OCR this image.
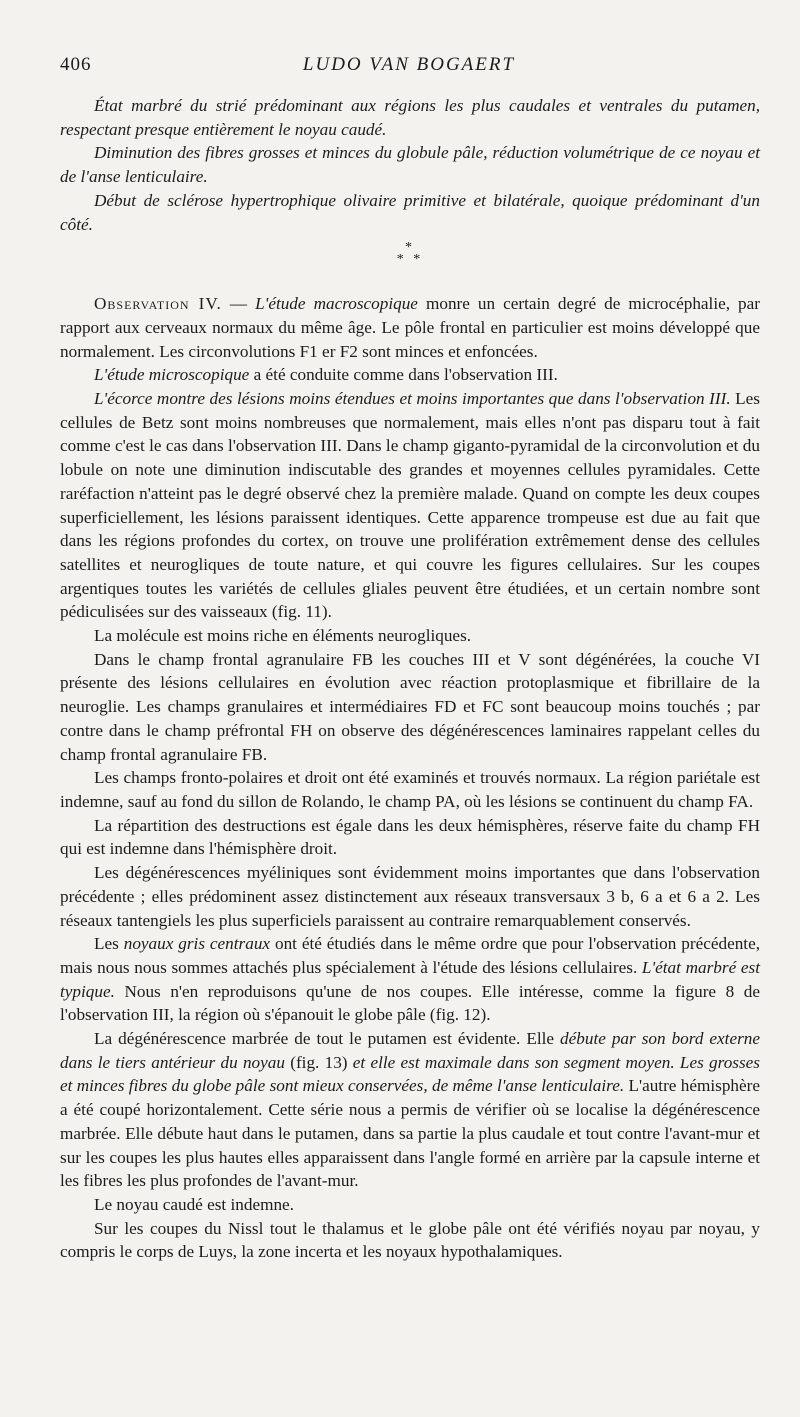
406	LUDO VAN BOGAERT

État marbré du strié prédominant aux régions les plus caudales et ventrales du putamen, respectant presque entièrement le noyau caudé.

Diminution des fibres grosses et minces du globule pâle, réduction volumétrique de ce noyau et de l'anse lenticulaire.

Début de sclérose hypertrophique olivaire primitive et bilatérale, quoique prédominant d'un côté.

*
* *

Observation IV. — L'étude macroscopique monre un certain degré de microcéphalie, par rapport aux cerveaux normaux du même âge. Le pôle frontal en particulier est moins développé que normalement. Les circonvolutions F1 er F2 sont minces et enfoncées.

L'étude microscopique a été conduite comme dans l'observation III.

L'écorce montre des lésions moins étendues et moins importantes que dans l'observation III. Les cellules de Betz sont moins nombreuses que normalement, mais elles n'ont pas disparu tout à fait comme c'est le cas dans l'observation III. Dans le champ giganto-pyramidal de la circonvolution et du lobule on note une diminution indiscutable des grandes et moyennes cellules pyramidales. Cette raréfaction n'atteint pas le degré observé chez la première malade. Quand on compte les deux coupes superficiellement, les lésions paraissent identiques. Cette apparence trompeuse est due au fait que dans les régions profondes du cortex, on trouve une prolifération extrêmement dense des cellules satellites et neurogliques de toute nature, et qui couvre les figures cellulaires. Sur les coupes argentiques toutes les variétés de cellules gliales peuvent être étudiées, et un certain nombre sont pédiculisées sur des vaisseaux (fig. 11).

La molécule est moins riche en éléments neurogliques.

Dans le champ frontal agranulaire FB les couches III et V sont dégénérées, la couche VI présente des lésions cellulaires en évolution avec réaction protoplasmique et fibrillaire de la neuroglie. Les champs granulaires et intermédiaires FD et FC sont beaucoup moins touchés ; par contre dans le champ préfrontal FH on observe des dégénérescences laminaires rappelant celles du champ frontal agranulaire FB.

Les champs fronto-polaires et droit ont été examinés et trouvés normaux. La région pariétale est indemne, sauf au fond du sillon de Rolando, le champ PA, où les lésions se continuent du champ FA.

La répartition des destructions est égale dans les deux hémisphères, réserve faite du champ FH qui est indemne dans l'hémisphère droit.

Les dégénérescences myéliniques sont évidemment moins importantes que dans l'observation précédente ; elles prédominent assez distinctement aux réseaux transversaux 3 b, 6 a et 6 a 2. Les réseaux tantengiels les plus superficiels paraissent au contraire remarquablement conservés.

Les noyaux gris centraux ont été étudiés dans le même ordre que pour l'observation précédente, mais nous nous sommes attachés plus spécialement à l'étude des lésions cellulaires. L'état marbré est typique. Nous n'en reproduisons qu'une de nos coupes. Elle intéresse, comme la figure 8 de l'observation III, la région où s'épanouit le globe pâle (fig. 12).

La dégénérescence marbrée de tout le putamen est évidente. Elle débute par son bord externe dans le tiers antérieur du noyau (fig. 13) et elle est maximale dans son segment moyen. Les grosses et minces fibres du globe pâle sont mieux conservées, de même l'anse lenticulaire. L'autre hémisphère a été coupé horizontalement. Cette série nous a permis de vérifier où se localise la dégénérescence marbrée. Elle débute haut dans le putamen, dans sa partie la plus caudale et tout contre l'avant-mur et sur les coupes les plus hautes elles apparaissent dans l'angle formé en arrière par la capsule interne et les fibres les plus profondes de l'avant-mur.

Le noyau caudé est indemne.

Sur les coupes du Nissl tout le thalamus et le globe pâle ont été vérifiés noyau par noyau, y compris le corps de Luys, la zone incerta et les noyaux hypothalamiques.
